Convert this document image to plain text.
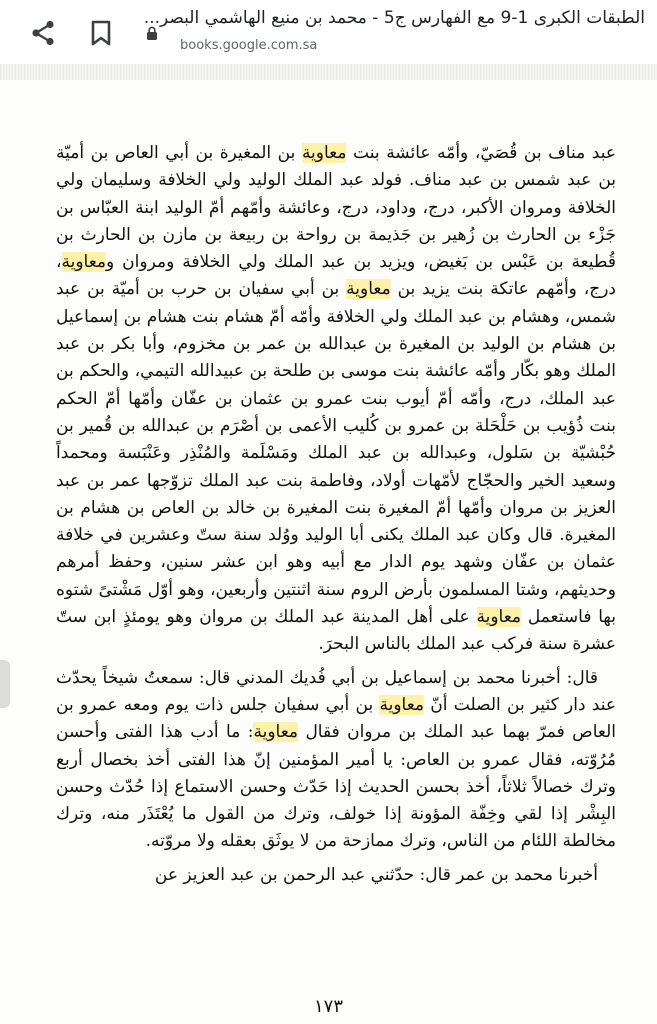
الطبقات الكبرى 1-9 مع الفهارس ج5 - محمد بن منيع الهاشمي البصر...
books.google.com.sa

عبد مناف بن قُصَيّ، وأمّه عائشة بنت معاوية بن المغيرة بن أبي العاص بن أميّة بن عبد شمس بن عبد مناف. فولد عبد الملك الوليد ولي الخلافة وسليمان ولي الخلافة ومروان الأكبر، درج، وداود، درج، وعائشة وأمّهم أمّ الوليد ابنة العبّاس بن جَزْء بن الحارث بن زُهير بن جَذيمة بن رواحة بن ربيعة بن مازن بن الحارث بن قُطيعة بن عَبْس بن بَغيض، ويزيد بن عبد الملك ولي الخلافة ومروان ومعاوية، درج، وأمّهم عاتكة بنت يزيد بن معاوية بن أبي سفيان بن حرب بن أميّة بن عبد شمس، وهشام بن عبد الملك ولي الخلافة وأمّه أمّ هشام بنت هشام بن إسماعيل بن هشام بن الوليد بن المغيرة بن عبدالله بن عمر بن مخزوم، وأبا بكر بن عبد الملك وهو بكّار وأمّه عائشة بنت موسى بن طلحة بن عبيدالله التيمي، والحكم بن عبد الملك، درج، وأمّه أمّ أيوب بنت عمرو بن عثمان بن عفّان وأمّها أمّ الحكم بنت ذُؤيب بن حَلْحَلة بن عمرو بن كُليب الأعمى بن أصْرَم بن عبدالله بن قُمير بن حُبْشيّة بن سَلول، وعبدالله بن عبد الملك ومَسْلَمة والمُنْذِر وعَنْبَسة ومحمداً وسعيد الخير والحجّاج لأمّهات أولاد، وفاطمة بنت عبد الملك تزوّجها عمر بن عبد العزيز بن مروان وأمّها أمّ المغيرة بنت المغيرة بن خالد بن العاص بن هشام بن المغيرة. قال وكان عبد الملك يكنى أبا الوليد ووُلد سنة ستّ وعشرين في خلافة عثمان بن عفّان وشهد يوم الدار مع أبيه وهو ابن عشر سنين، وحفظ أمرهم وحديثهم، وشتا المسلمون بأرض الروم سنة اثنتين وأربعين، وهو أوّل مَشْتىً شتوه بها فاستعمل معاوية على أهل المدينة عبد الملك بن مروان وهو يومئذٍ ابن ستّ عشرة سنة فركب عبد الملك بالناس البحرَ.

قال: أخبرنا محمد بن إسماعيل بن أبي فُديك المدني قال: سمعتُ شيخاً يحدّث عند دار كثير بن الصلت أنّ معاوية بن أبي سفيان جلس ذات يوم ومعه عمرو بن العاص فمرّ بهما عبد الملك بن مروان فقال معاوية: ما أدب هذا الفتى وأحسن مُرُوّته، فقال عمرو بن العاص: يا أمير المؤمنين إنّ هذا الفتى أخذ بخصال أربع وترك خصالاً ثلاثاً، أخذ بحسن الحديث إذا حَدّث وحسن الاستماع إذا حُدّث وحسن البِشْر إذا لقي وخِفّة المؤونة إذا خولف، وترك من القول ما يُعْتَذَر منه، وترك مخالطة اللئام من الناس، وترك ممازحة من لا يوثَق بعقله ولا مروّته.

أخبرنا محمد بن عمر قال: حدّثني عبد الرحمن بن عبد العزيز عن

١٧٣
